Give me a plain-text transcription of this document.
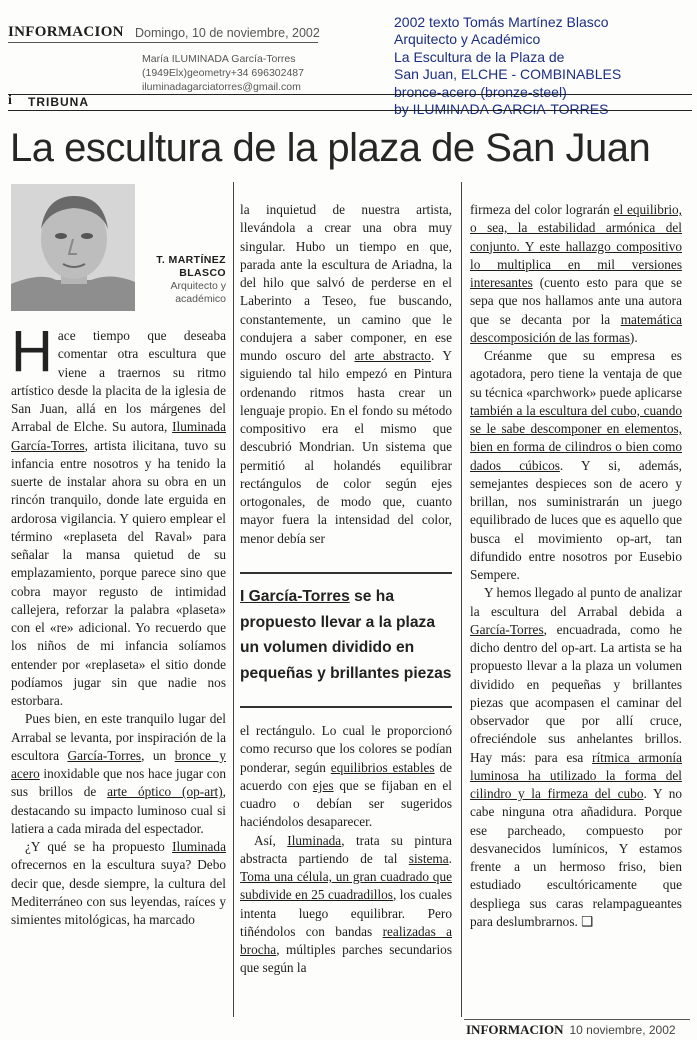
INFORMACION Domingo, 10 de noviembre, 2002
María ILUMINADA García-Torres
(1949Elx)geometry+34 696302487
iluminadagarciatorres@gmail.com
2002 texto Tomás Martínez Blasco
Arquitecto y Académico
La Escultura de la Plaza de
San Juan, ELCHE - COMBINABLES
bronce-acero (bronze-steel)
by ILUMINADA GARCIA-TORRES
i TRIBUNA
La escultura de la plaza de San Juan
T. MARTÍNEZ BLASCO
Arquitecto y académico

Hace tiempo que deseaba comentar otra escultura que viene a traernos su ritmo artístico desde la placita de la iglesia de San Juan, allá en los márgenes del Arrabal de Elche. Su autora, Iluminada García-Torres, artista ilicitana, tuvo su infancia entre nosotros y ha tenido la suerte de instalar ahora su obra en un rincón tranquilo, donde late erguida en ardorosa vigilancia. Y quiero emplear el término «replaseta del Raval» para señalar la mansa quietud de su emplazamiento, porque parece sino que cobra mayor regusto de intimidad callejera, reforzar la palabra «plaseta» con el «re» adicional. Yo recuerdo que los niños de mi infancia solíamos entender por «replaseta» el sitio donde podíamos jugar sin que nadie nos estorbara.

Pues bien, en este tranquilo lugar del Arrabal se levanta, por inspiración de la escultora García-Torres, un bronce y acero inoxidable que nos hace jugar con sus brillos de arte óptico (op-art), destacando su impacto luminoso cual si latiera a cada mirada del espectador.

¿Y qué se ha propuesto Iluminada ofrecernos en la escultura suya? Debo decir que, desde siempre, la cultura del Mediterráneo con sus leyendas, raíces y simientes mitológicas, ha marcado

la inquietud de nuestra artista, llevándola a crear una obra muy singular. Hubo un tiempo en que, parada ante la escultura de Ariadna, la del hilo que salvó de perderse en el Laberinto a Teseo, fue buscando, constantemente, un camino que le condujera a saber componer, en ese mundo oscuro del arte abstracto. Y siguiendo tal hilo empezó en Pintura ordenando ritmos hasta crear un lenguaje propio. En el fondo su método compositivo era el mismo que descubrió Mondrian. Un sistema que permitió al holandés equilibrar rectángulos de color según ejes ortogonales, de modo que, cuanto mayor fuera la intensidad del color, menor debía ser

I García-Torres se ha propuesto llevar a la plaza un volumen dividido en pequeñas y brillantes piezas

el rectángulo. Lo cual le proporcionó como recurso que los colores se podían ponderar, según equilibrios estables de acuerdo con ejes que se fijaban en el cuadro o debían ser sugeridos haciéndolos desaparecer.

Así, Iluminada, trata su pintura abstracta partiendo de tal sistema. Toma una célula, un gran cuadrado que subdivide en 25 cuadradillos, los cuales intenta luego equilibrar. Pero tiñéndolos con bandas realizadas a brocha, múltiples parches secundarios que según la

firmeza del color lograrán el equilibrio, o sea, la estabilidad armónica del conjunto. Y este hallazgo compositivo lo multiplica en mil versiones interesantes (cuento esto para que se sepa que nos hallamos ante una autora que se decanta por la matemática descomposición de las formas).

Créanme que su empresa es agotadora, pero tiene la ventaja de que su técnica «parchwork» puede aplicarse también a la escultura del cubo, cuando se le sabe descomponer en elementos, bien en forma de cilindros o bien como dados cúbicos. Y si, además, semejantes despieces son de acero y brillan, nos suministrarán un juego equilibrado de luces que es aquello que busca el movimiento op-art, tan difundido entre nosotros por Eusebio Sempere.

Y hemos llegado al punto de analizar la escultura del Arrabal debida a García-Torres, encuadrada, como he dicho dentro del op-art. La artista se ha propuesto llevar a la plaza un volumen dividido en pequeñas y brillantes piezas que acompasen el caminar del observador que por allí cruce, ofreciéndole sus anhelantes brillos. Hay más: para esa rítmica armonía luminosa ha utilizado la forma del cilindro y la firmeza del cubo. Y no cabe ninguna otra añadidura. Porque ese parcheado, compuesto por desvanecidos lumínicos, Y estamos frente a un hermoso friso, bien estudiado escultóricamente que despliega sus caras relampagueantes para deslumbrarnos. ❑

INFORMACION 10 noviembre, 2002
